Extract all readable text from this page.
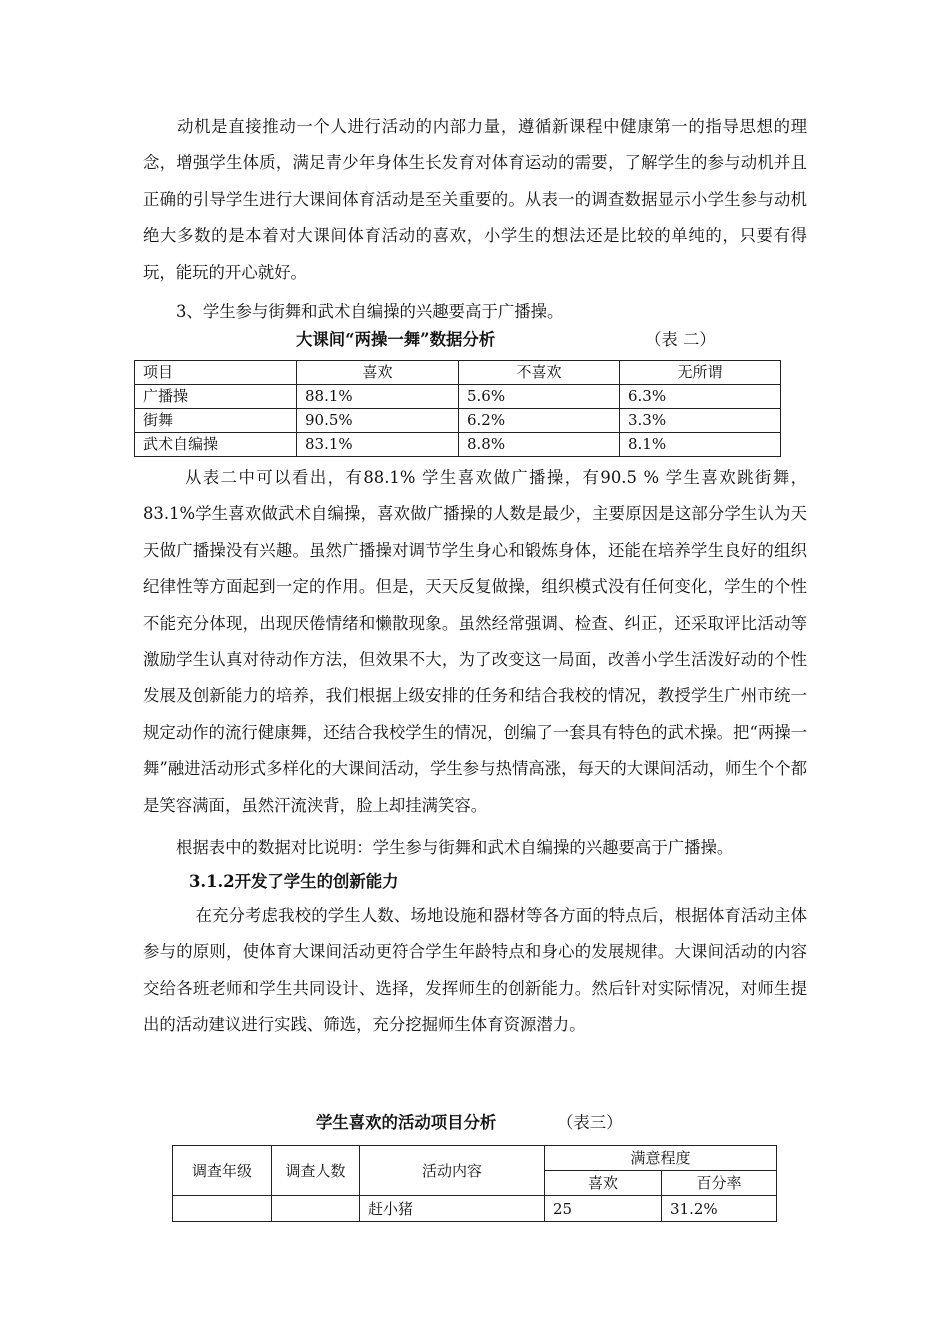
　　动机是直接推动一个人进行活动的内部力量，遵循新课程中健康第一的指导思想的理念，增强学生体质，满足青少年身体生长发育对体育运动的需要，了解学生的参与动机并且正确的引导学生进行大课间体育活动是至关重要的。从表一的调查数据显示小学生参与动机绝大多数的是本着对大课间体育活动的喜欢，小学生的想法还是比较的单纯的，只要有得玩，能玩的开心就好。

3、学生参与街舞和武术自编操的兴趣要高于广播操。

大课间“两操一舞”数据分析	（表 二）

项目	喜欢	不喜欢	无所谓
广播操	88.1%	5.6%	6.3%
街舞	90.5%	6.2%	3.3%
武术自编操	83.1%	8.8%	8.1%

从表二中可以看出，有88.1% 学生喜欢做广播操，有90.5 % 学生喜欢跳街舞，83.1%学生喜欢做武术自编操，喜欢做广播操的人数是最少，主要原因是这部分学生认为天天做广播操没有兴趣。虽然广播操对调节学生身心和锻炼身体，还能在培养学生良好的组织纪律性等方面起到一定的作用。但是，天天反复做操，组织模式没有任何变化，学生的个性不能充分体现，出现厌倦情绪和懒散现象。虽然经常强调、检查、纠正，还采取评比活动等激励学生认真对待动作方法，但效果不大，为了改变这一局面，改善小学生活泼好动的个性发展及创新能力的培养，我们根据上级安排的任务和结合我校的情况，教授学生广州市统一规定动作的流行健康舞，还结合我校学生的情况，创编了一套具有特色的武术操。把“两操一舞”融进活动形式多样化的大课间活动，学生参与热情高涨，每天的大课间活动，师生个个都是笑容满面，虽然汗流浃背，脸上却挂满笑容。

根据表中的数据对比说明：学生参与街舞和武术自编操的兴趣要高于广播操。

3.1.2开发了学生的创新能力

　在充分考虑我校的学生人数、场地设施和器材等各方面的特点后，根据体育活动主体参与的原则，使体育大课间活动更符合学生年龄特点和身心的发展规律。大课间活动的内容交给各班老师和学生共同设计、选择，发挥师生的创新能力。然后针对实际情况，对师生提出的活动建议进行实践、筛选，充分挖掘师生体育资源潜力。

学生喜欢的活动项目分析	（表三）

调查年级	调查人数	活动内容	满意程度	
			喜欢	百分率
		赶小猪	25	31.2%
